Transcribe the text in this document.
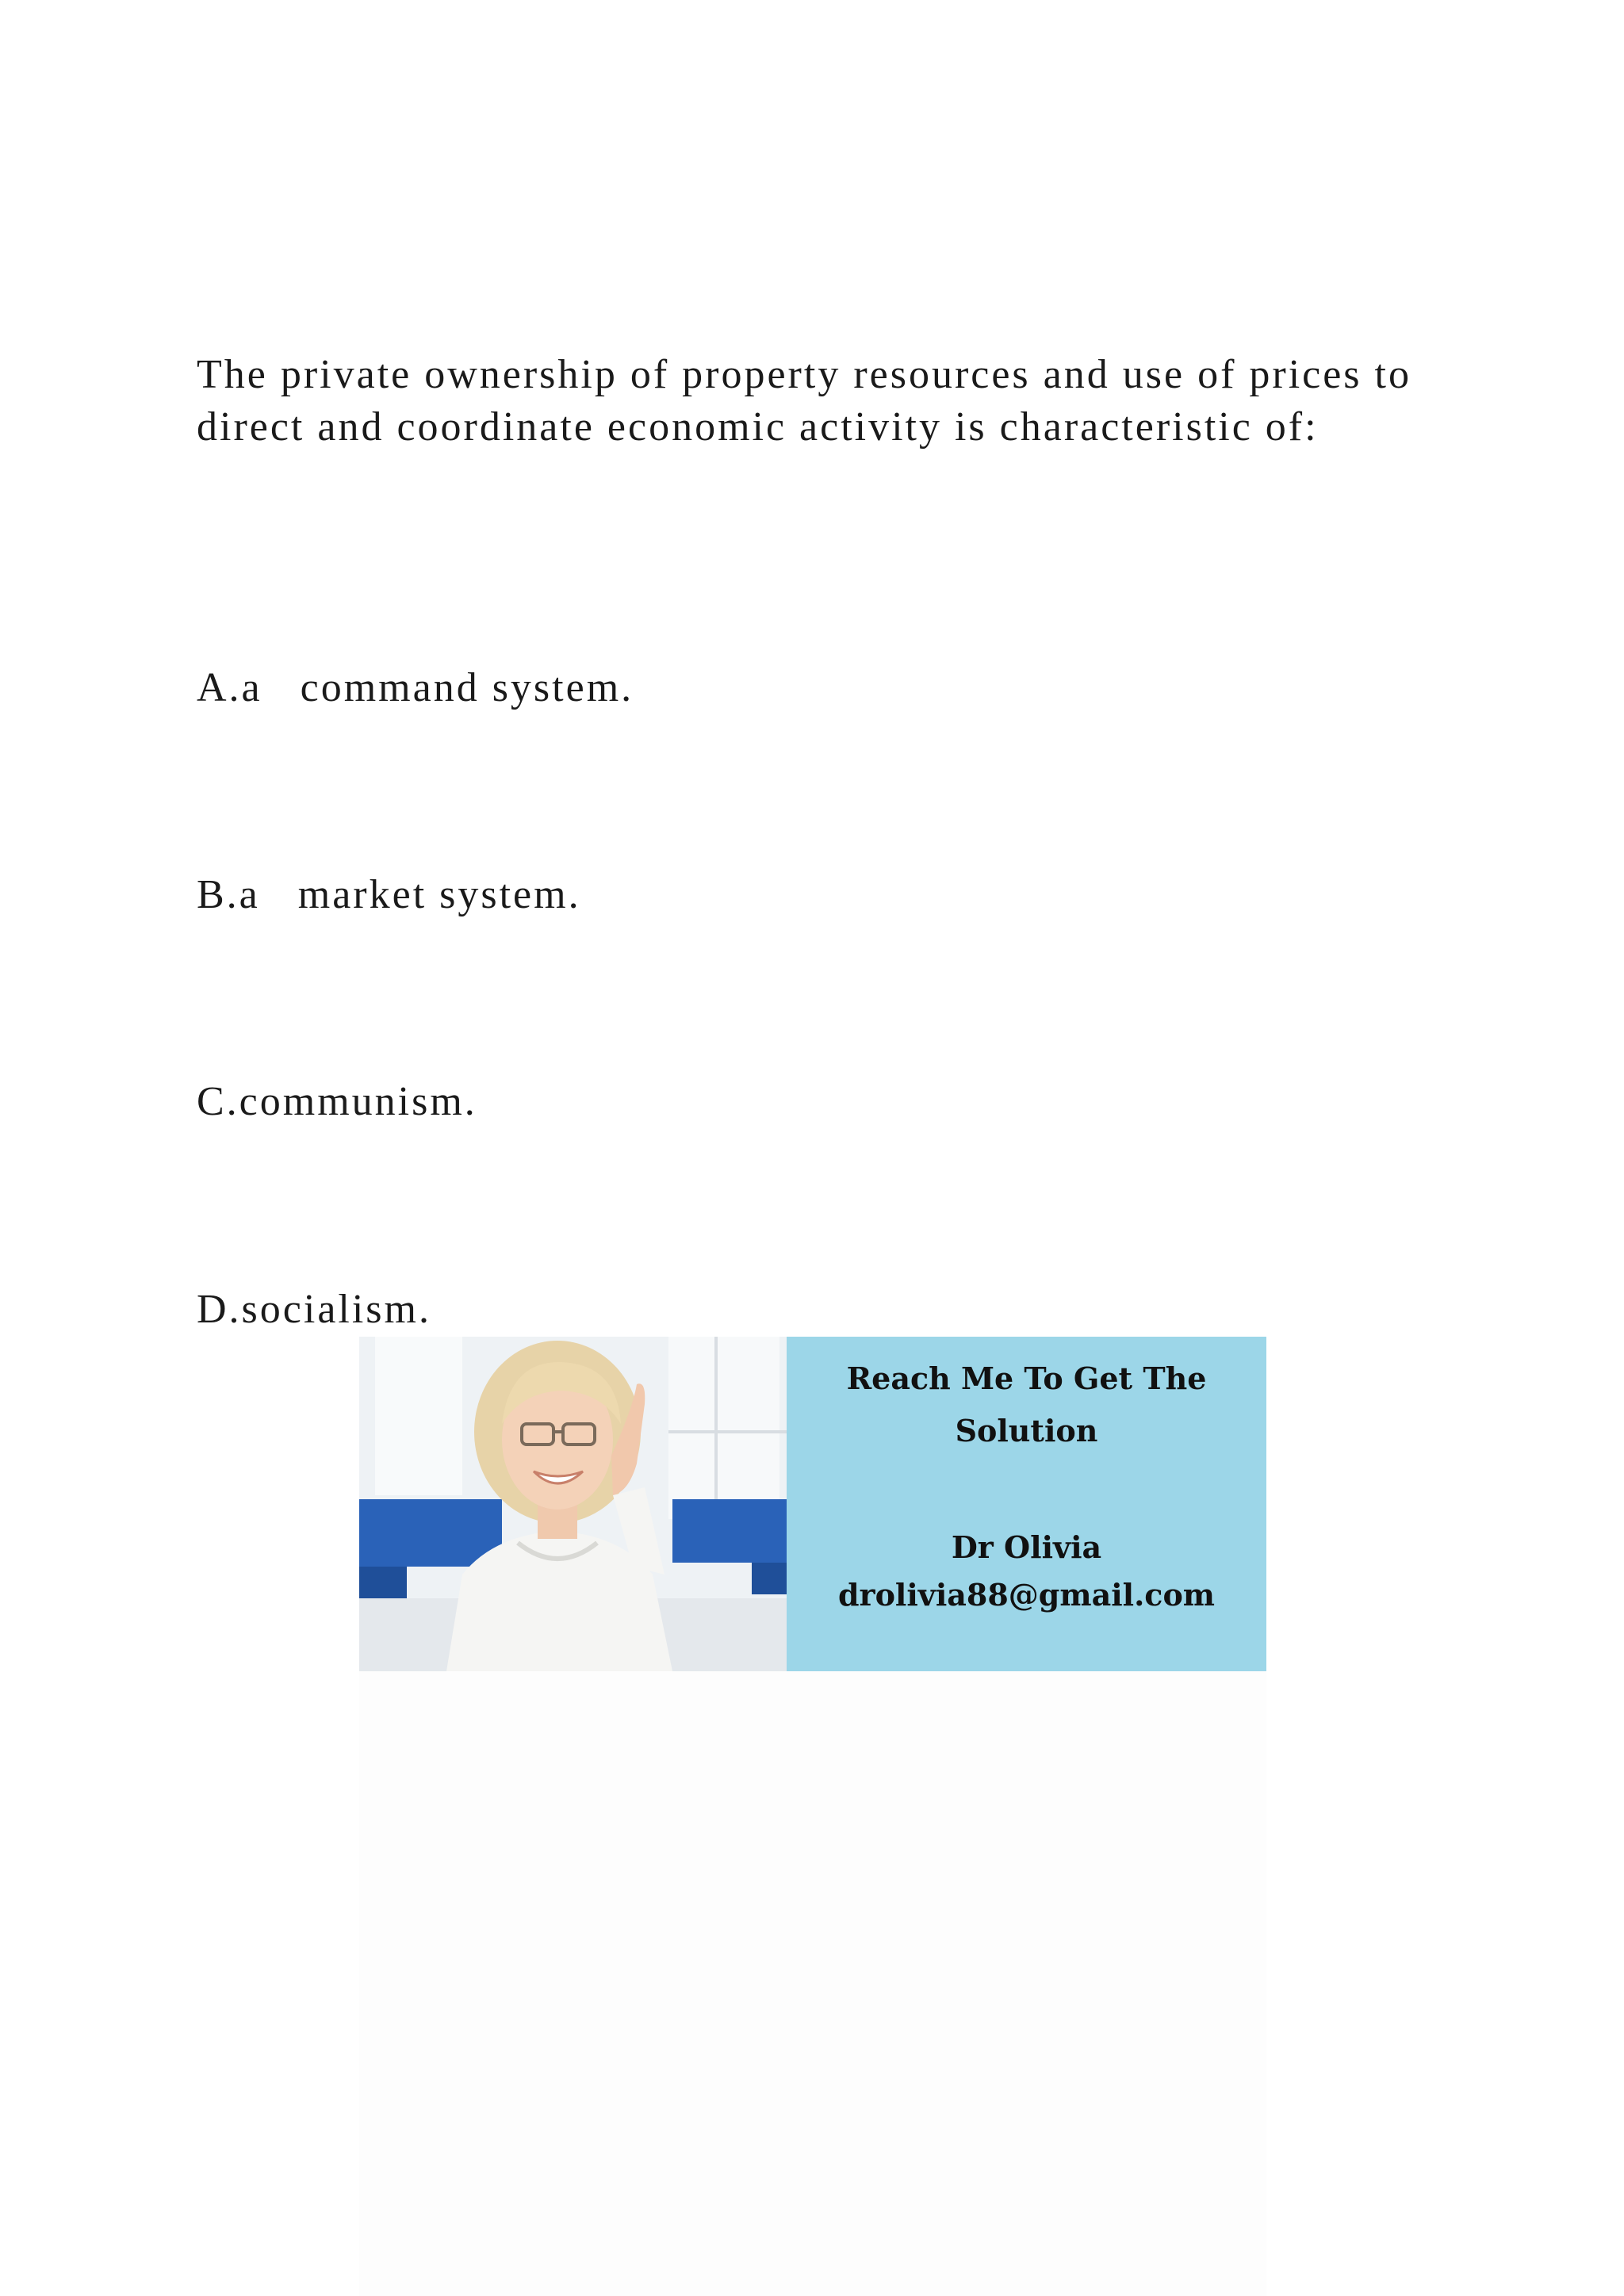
The private ownership of property resources and use of prices to direct and coordinate economic activity is characteristic of:

A.a   command system.

B.a   market system.

C.communism.

D.socialism.

Reach Me To Get The
Solution
Dr Olivia
drolivia88@gmail.com
